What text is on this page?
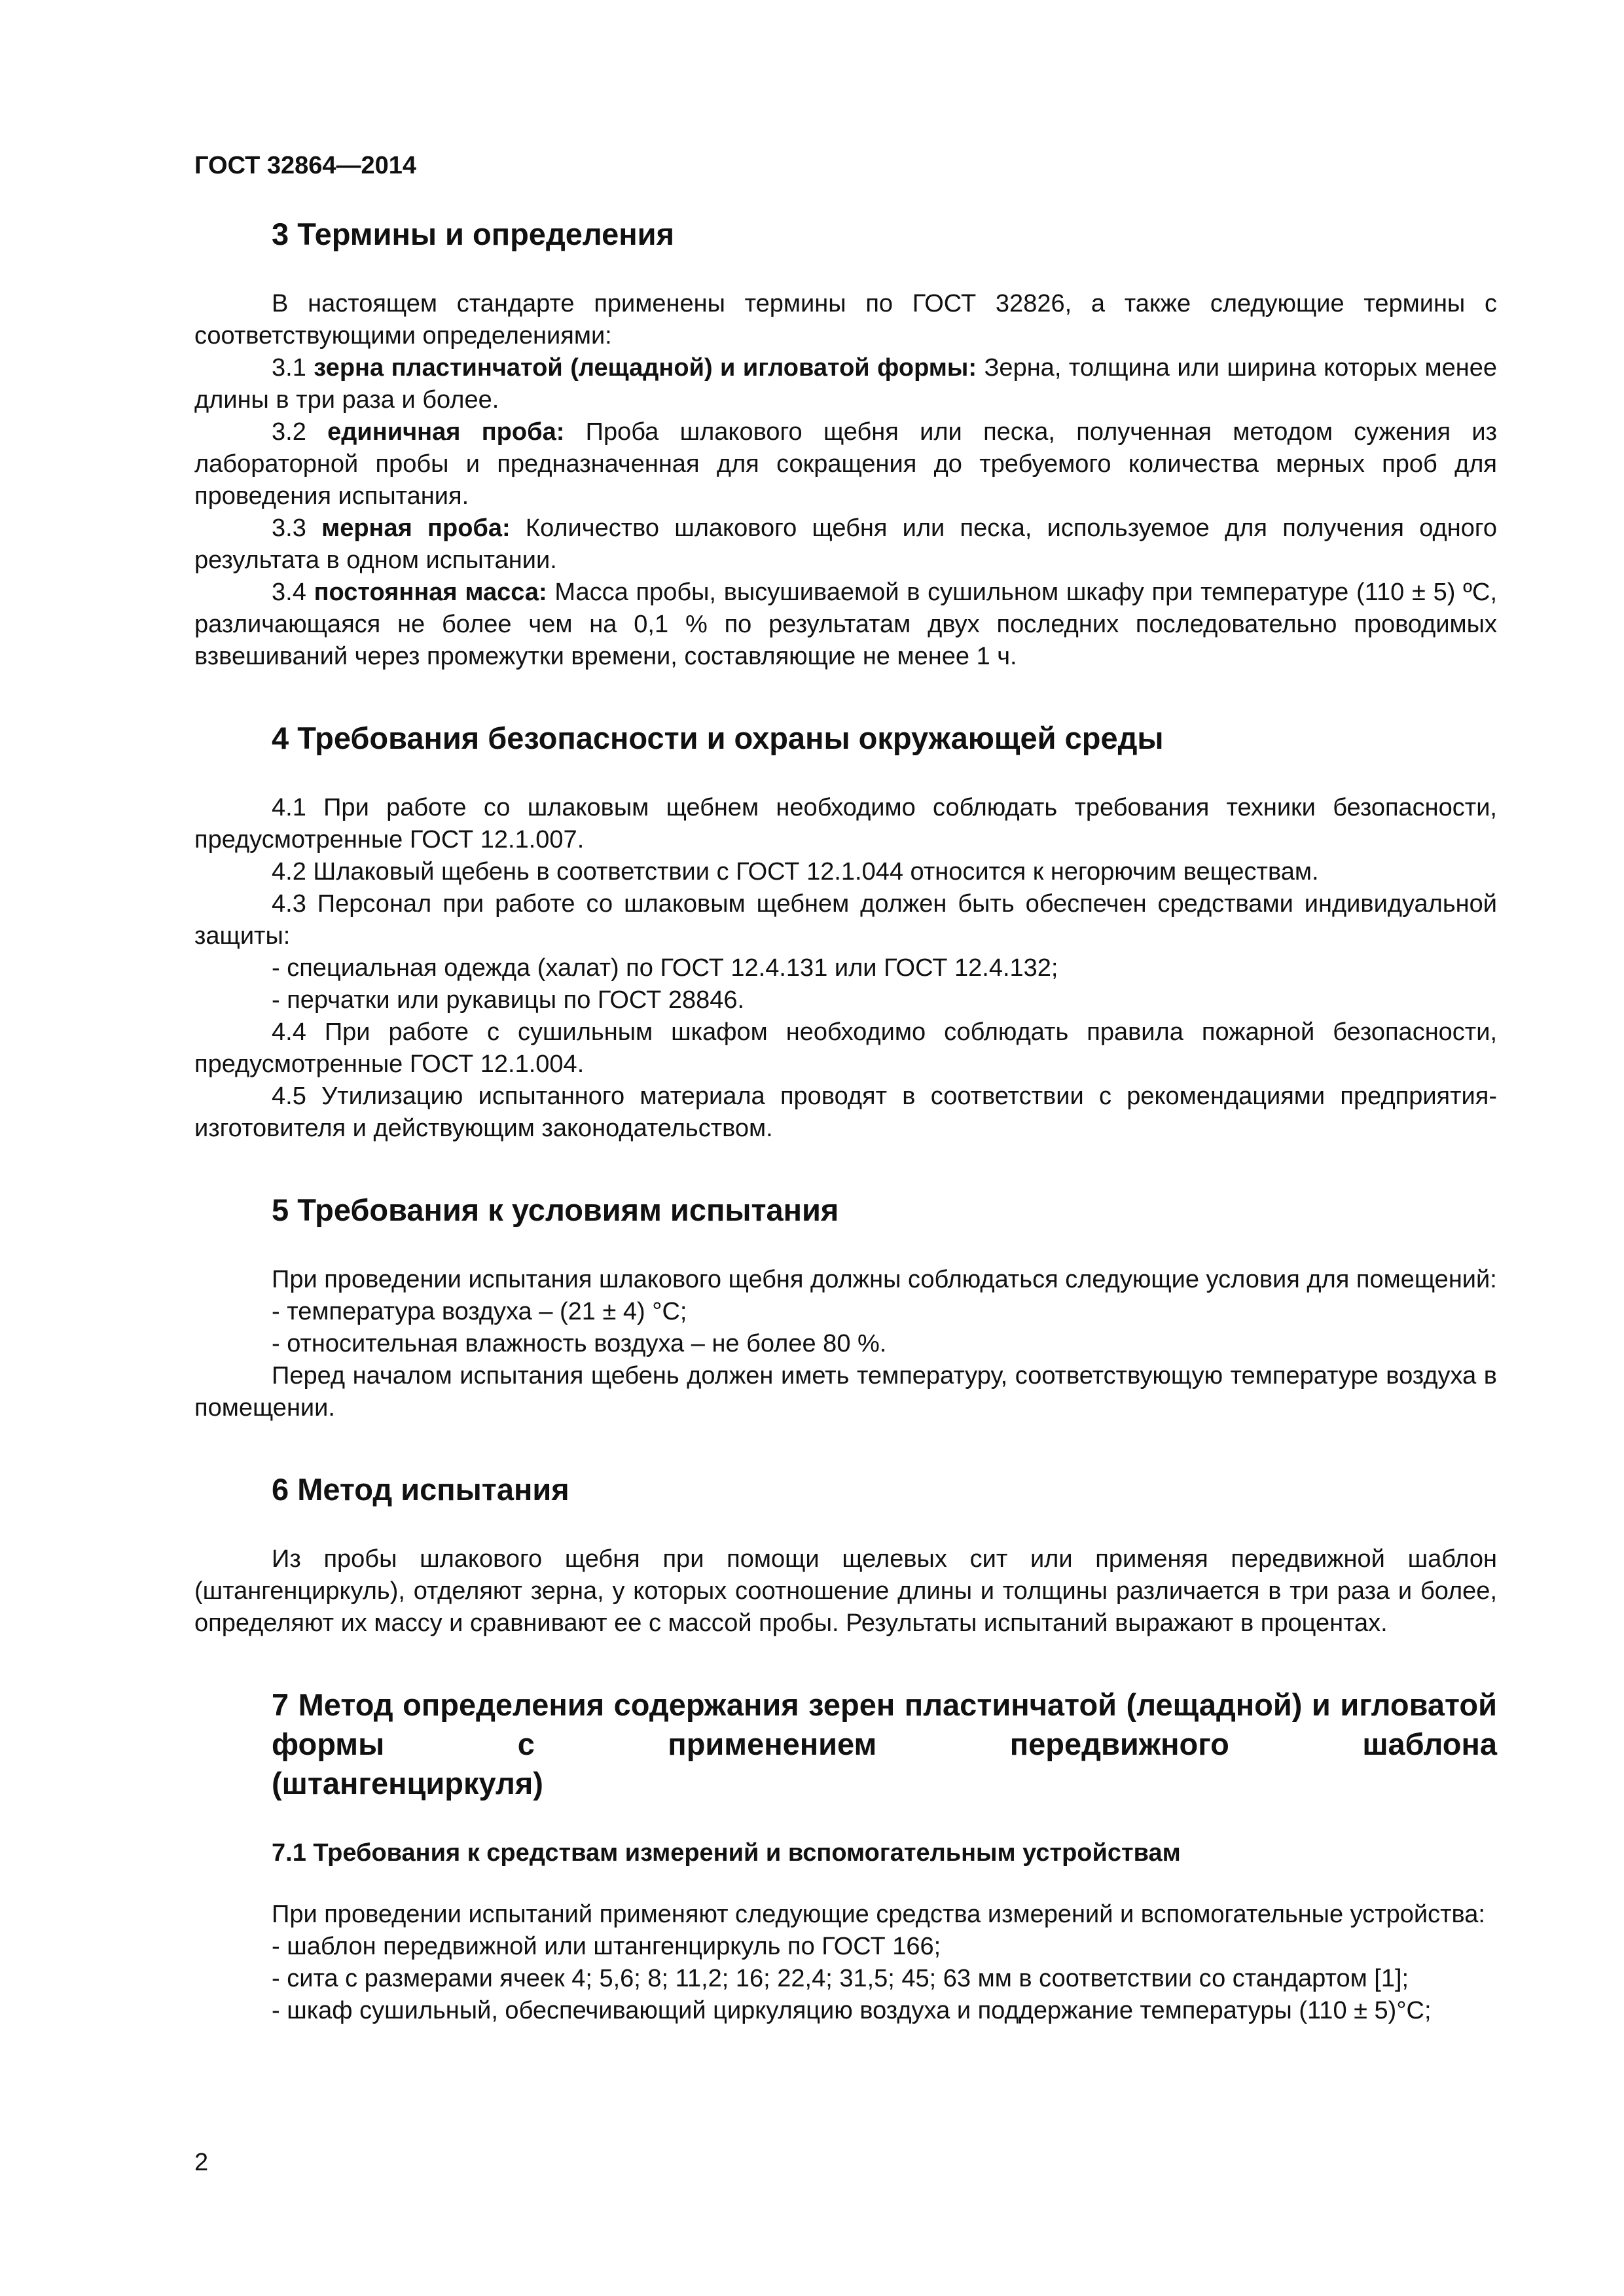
ГОСТ 32864—2014
3 Термины и определения

В настоящем стандарте применены термины по ГОСТ 32826, а также следующие термины с соответствующими определениями:

3.1 зерна пластинчатой (лещадной) и игловатой формы: Зерна, толщина или ширина которых менее длины в три раза и более.

3.2 единичная проба: Проба шлакового щебня или песка, полученная методом сужения из лабораторной пробы и предназначенная для сокращения до требуемого количества мерных проб для проведения испытания.

3.3 мерная проба: Количество шлакового щебня или песка, используемое для получения одного результата в одном испытании.

3.4 постоянная масса: Масса пробы, высушиваемой в сушильном шкафу при температуре (110 ± 5) ºС, различающаяся не более чем на 0,1 % по результатам двух последних последовательно проводимых взвешиваний через промежутки времени, составляющие не менее 1 ч.

4 Требования безопасности и охраны окружающей среды

4.1 При работе со шлаковым щебнем необходимо соблюдать требования техники безопасности, предусмотренные ГОСТ 12.1.007.

4.2 Шлаковый щебень в соответствии с ГОСТ 12.1.044 относится к негорючим веществам.

4.3 Персонал при работе со шлаковым щебнем должен быть обеспечен средствами индивидуальной защиты:

- специальная одежда (халат) по ГОСТ 12.4.131 или ГОСТ 12.4.132;

- перчатки или рукавицы по ГОСТ 28846.

4.4 При работе с сушильным шкафом необходимо соблюдать правила пожарной безопасности, предусмотренные ГОСТ 12.1.004.

4.5 Утилизацию испытанного материала проводят в соответствии с рекомендациями предприятия-изготовителя и действующим законодательством.

5 Требования к условиям испытания

При проведении испытания шлакового щебня должны соблюдаться следующие условия для помещений:

- температура воздуха – (21 ± 4) °С;

- относительная влажность воздуха – не более 80 %.

Перед началом испытания щебень должен иметь температуру, соответствующую температуре воздуха в помещении.

6 Метод испытания

Из пробы шлакового щебня при помощи щелевых сит или применяя передвижной шаблон (штангенциркуль), отделяют зерна, у которых соотношение длины и толщины различается в три раза и более, определяют их массу и сравнивают ее с массой пробы. Результаты испытаний выражают в процентах.

7 Метод определения содержания зерен пластинчатой (лещадной) и игловатой формы с применением передвижного шаблона
(штангенциркуля)
7.1 Требования к средствам измерений и вспомогательным устройствам

При проведении испытаний применяют следующие средства измерений и вспомогательные устройства:

- шаблон передвижной или штангенциркуль по ГОСТ 166;

- сита с размерами ячеек 4; 5,6; 8; 11,2; 16; 22,4; 31,5; 45; 63 мм в соответствии со стандартом [1];

- шкаф сушильный, обеспечивающий циркуляцию воздуха и поддержание температуры (110 ± 5)°С;

2
